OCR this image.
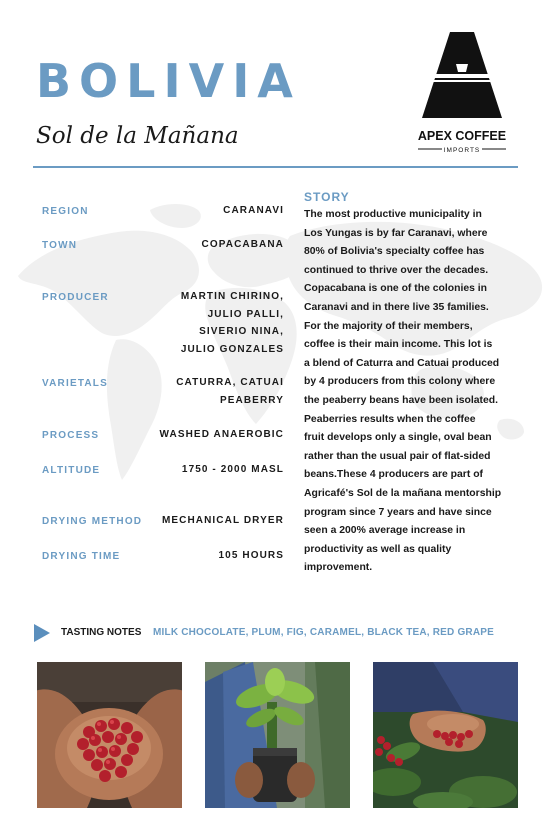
BOLIVIA
Sol de la Mañana	APEX COFFEE
IMPORTS
REGION	CARANAVI
TOWN	COPACABANA
PRODUCER	MARTIN CHIRINO,
JULIO PALLI,
SIVERIO NINA,
JULIO GONZALES
VARIETALS	CATURRA, CATUAI
PEABERRY
PROCESS	WASHED ANAEROBIC
ALTITUDE	1750 - 2000 MASL
DRYING METHOD MECHANICAL DRYER
DRYING TIME	105 HOURS
STORY
The most productive municipality in
Los Yungas is by far Caranavi, where
80% of Bolivia's specialty coffee has
continued to thrive over the decades.
Copacabana is one of the colonies in
Caranavi and in there live 35 families.
For the majority of their members,
coffee is their main income. This lot is
a blend of Caturra and Catuai produced
by 4 producers from this colony where
the peaberry beans have been isolated.
Peaberries results when the coffee
fruit develops only a single, oval bean
rather than the usual pair of flat-sided
beans.These 4 producers are part of
Agricafé's Sol de la mañana mentorship
program since 7 years and have since
seen a 200% average increase in
productivity as well as quality
improvement.
TASTING NOTES MILK CHOCOLATE, PLUM, FIG, CARAMEL, BLACK TEA, RED GRAPE
